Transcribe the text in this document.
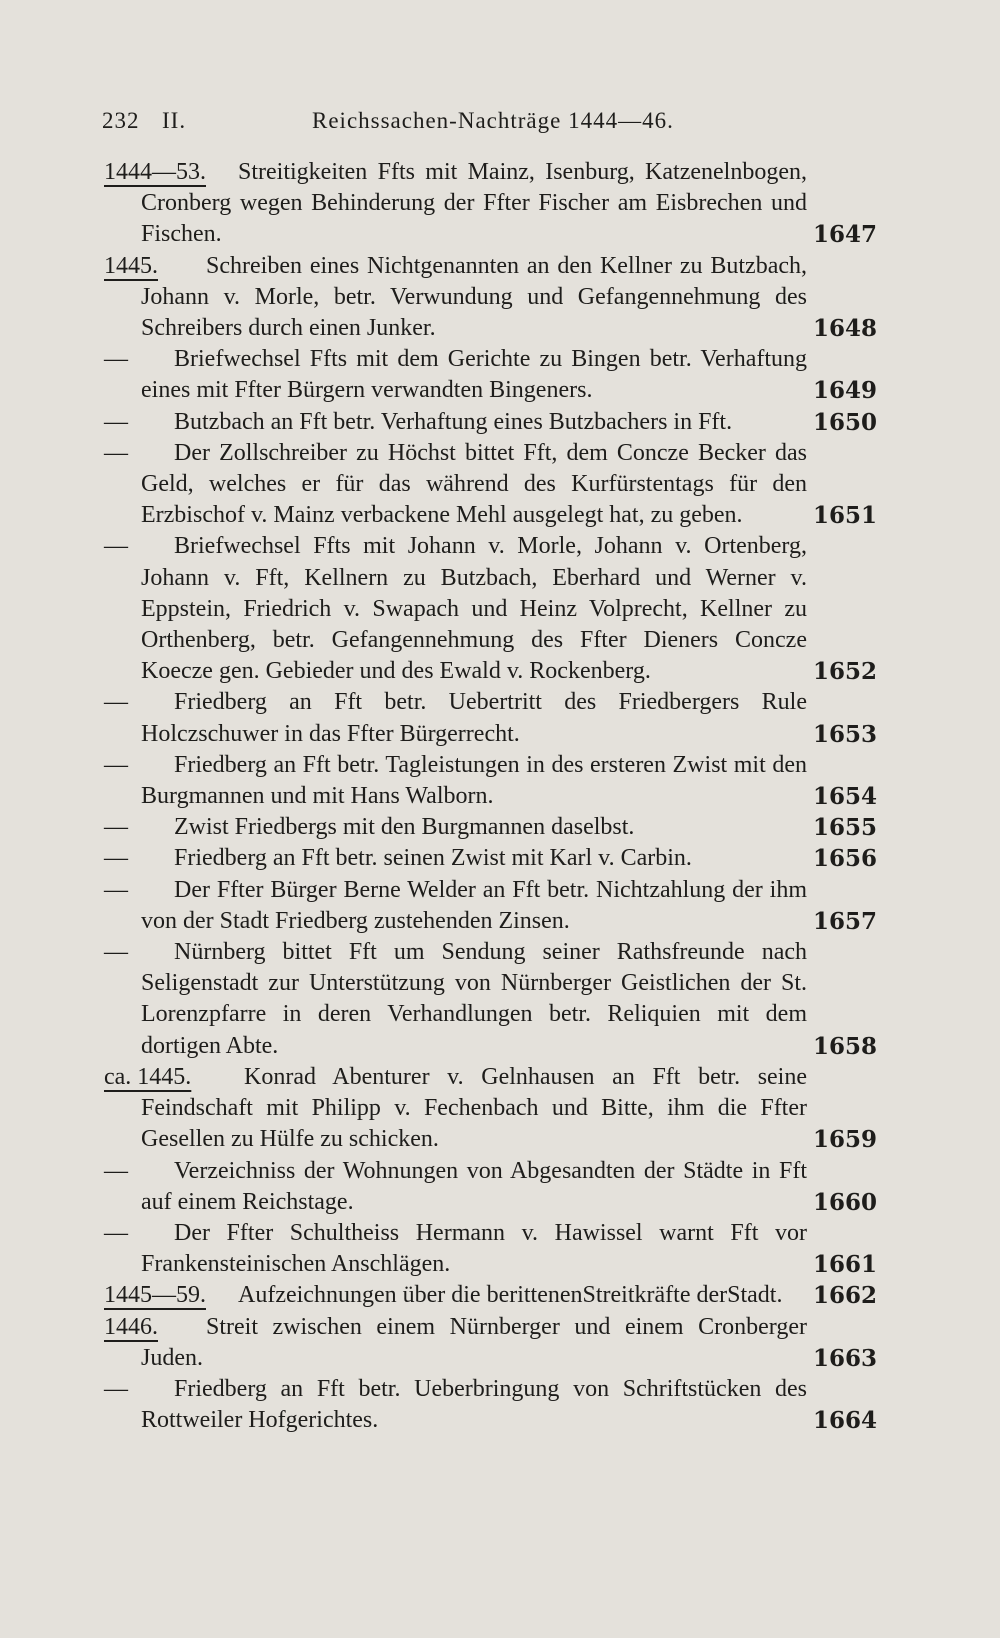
232 II.	Reichssachen-Nachträge 1444—46.
1444—53.	Streitigkeiten Ffts mit Mainz, Isenburg, Katzenelnbogen, Cronberg wegen Behinderung der Ffter Fischer am Eisbrechen und Fischen.	1647
1445.	Schreiben eines Nichtgenannten an den Kellner zu Butzbach, Johann v. Morle, betr. Verwundung und Gefangennehmung des Schreibers durch einen Junker.	1648
—	Briefwechsel Ffts mit dem Gerichte zu Bingen betr. Verhaftung eines mit Ffter Bürgern verwandten Bingeners.	1649
—	Butzbach an Fft betr. Verhaftung eines Butzbachers in Fft.	1650
—	Der Zollschreiber zu Höchst bittet Fft, dem Concze Becker das Geld, welches er für das während des Kurfürstentags für den Erzbischof v. Mainz verbackene Mehl ausgelegt hat, zu geben.	1651
—	Briefwechsel Ffts mit Johann v. Morle, Johann v. Ortenberg, Johann v. Fft, Kellnern zu Butzbach, Eberhard und Werner v. Eppstein, Friedrich v. Swapach und Heinz Volprecht, Kellner zu Orthenberg, betr. Gefangennehmung des Ffter Dieners Concze Koecze gen. Gebieder und des Ewald v. Rockenberg.	1652
—	Friedberg an Fft betr. Uebertritt des Friedbergers Rule Holczschuwer in das Ffter Bürgerrecht.	1653
—	Friedberg an Fft betr. Tagleistungen in des ersteren Zwist mit den Burgmannen und mit Hans Walborn.	1654
—	Zwist Friedbergs mit den Burgmannen daselbst.	1655
—	Friedberg an Fft betr. seinen Zwist mit Karl v. Carbin.	1656
—	Der Ffter Bürger Berne Welder an Fft betr. Nichtzahlung der ihm von der Stadt Friedberg zustehenden Zinsen.	1657
—	Nürnberg bittet Fft um Sendung seiner Rathsfreunde nach Seligenstadt zur Unterstützung von Nürnberger Geistlichen der St. Lorenzpfarre in deren Verhandlungen betr. Reliquien mit dem dortigen Abte.	1658
ca. 1445.	Konrad Abenturer v. Gelnhausen an Fft betr. seine Feindschaft mit Philipp v. Fechenbach und Bitte, ihm die Ffter Gesellen zu Hülfe zu schicken.	1659
—	Verzeichniss der Wohnungen von Abgesandten der Städte in Fft auf einem Reichstage.	1660
—	Der Ffter Schultheiss Hermann v. Hawissel warnt Fft vor Frankensteinischen Anschlägen.	1661
1445—59.	Aufzeichnungen über die berittenenStreitkräfte derStadt.	1662
1446.	Streit zwischen einem Nürnberger und einem Cronberger Juden.	1663
—	Friedberg an Fft betr. Ueberbringung von Schriftstücken des Rottweiler Hofgerichtes.	1664
